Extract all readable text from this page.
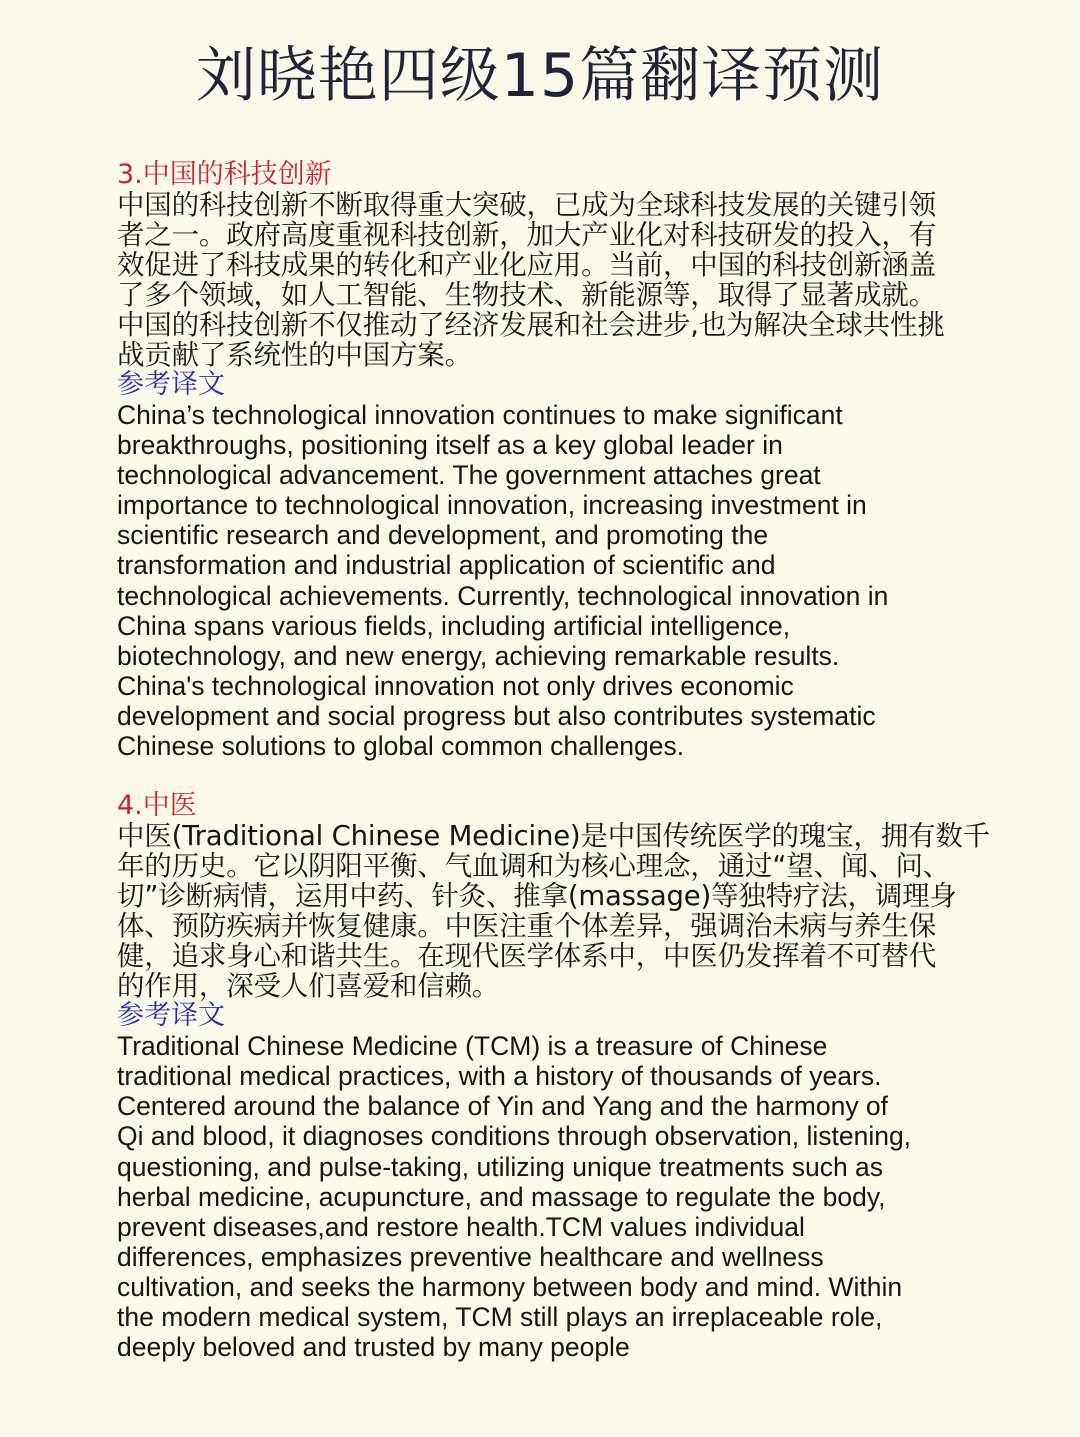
刘晓艳四级15篇翻译预测

3.中国的科技创新

中国的科技创新不断取得重大突破，已成为全球科技发展的关键引领
者之一。政府高度重视科技创新，加大产业化对科技研发的投入，有
效促进了科技成果的转化和产业化应用。当前，中国的科技创新涵盖
了多个领域，如人工智能、生物技术、新能源等，取得了显著成就。
中国的科技创新不仅推动了经济发展和社会进步,也为解决全球共性挑
战贡献了系统性的中国方案。

参考译文

China’s technological innovation continues to make significant
breakthroughs, positioning itself as a key global leader in
technological advancement. The government attaches great
importance to technological innovation, increasing investment in
scientific research and development, and promoting the
transformation and industrial application of scientific and
technological achievements. Currently, technological innovation in
China spans various fields, including artificial intelligence,
biotechnology, and new energy, achieving remarkable results.
China's technological innovation not only drives economic
development and social progress but also contributes systematic
Chinese solutions to global common challenges.

4.中医

中医(Traditional Chinese Medicine)是中国传统医学的瑰宝，拥有数千
年的历史。它以阴阳平衡、气血调和为核心理念，通过“望、闻、问、
切”诊断病情，运用中药、针灸、推拿(massage)等独特疗法，调理身
体、预防疾病并恢复健康。中医注重个体差异，强调治未病与养生保
健，追求身心和谐共生。在现代医学体系中，中医仍发挥着不可替代
的作用，深受人们喜爱和信赖。

参考译文

Traditional Chinese Medicine (TCM) is a treasure of Chinese
traditional medical practices, with a history of thousands of years.
Centered around the balance of Yin and Yang and the harmony of
Qi and blood, it diagnoses conditions through observation, listening,
questioning, and pulse-taking, utilizing unique treatments such as
herbal medicine, acupuncture, and massage to regulate the body,
prevent diseases,and restore health.TCM values individual
differences, emphasizes preventive healthcare and wellness
cultivation, and seeks the harmony between body and mind. Within
the modern medical system, TCM still plays an irreplaceable role,
deeply beloved and trusted by many people
